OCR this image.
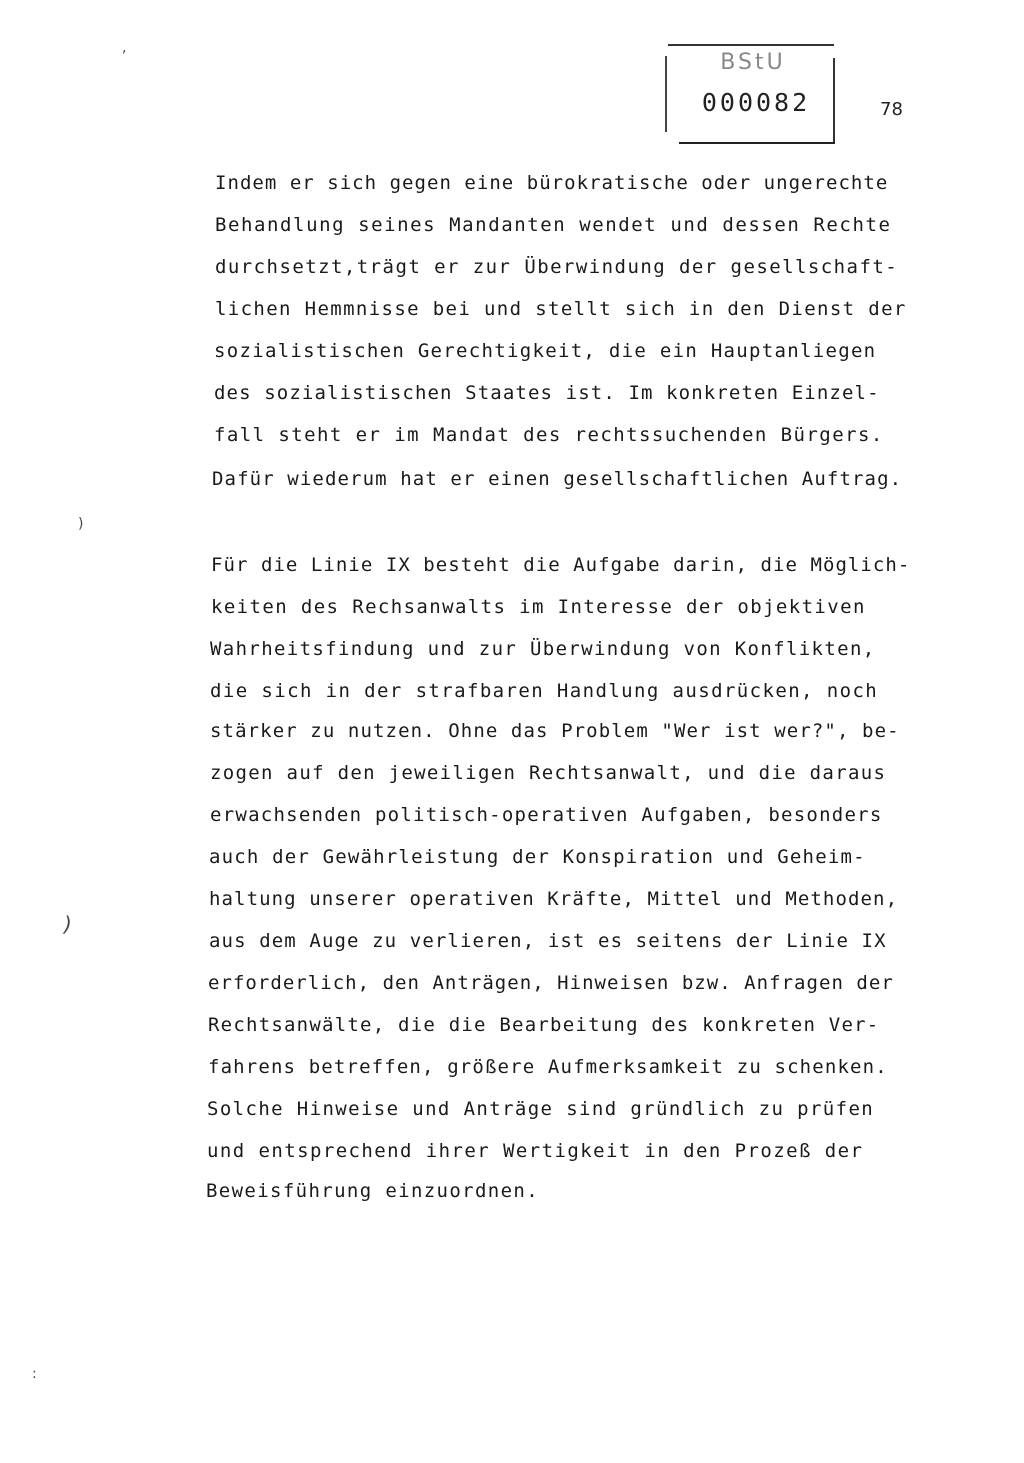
BStU
000082	78
,
)
)
:
Indem er sich gegen eine bürokratische oder ungerechte
Behandlung seines Mandanten wendet und dessen Rechte
durchsetzt,trägt er zur Überwindung der gesellschaft-
lichen Hemmnisse bei und stellt sich in den Dienst der
sozialistischen Gerechtigkeit, die ein Hauptanliegen
des sozialistischen Staates ist. Im konkreten Einzel-
fall steht er im Mandat des rechtssuchenden Bürgers.
Dafür wiederum hat er einen gesellschaftlichen Auftrag.
Für die Linie IX besteht die Aufgabe darin, die Möglich-
keiten des Rechsanwalts im Interesse der objektiven
Wahrheitsfindung und zur Überwindung von Konflikten,
die sich in der strafbaren Handlung ausdrücken, noch
stärker zu nutzen. Ohne das Problem "Wer ist wer?", be-
zogen auf den jeweiligen Rechtsanwalt, und die daraus
erwachsenden politisch-operativen Aufgaben, besonders
auch der Gewährleistung der Konspiration und Geheim-
haltung unserer operativen Kräfte, Mittel und Methoden,
aus dem Auge zu verlieren, ist es seitens der Linie IX
erforderlich, den Anträgen, Hinweisen bzw. Anfragen der
Rechtsanwälte, die die Bearbeitung des konkreten Ver-
fahrens betreffen, größere Aufmerksamkeit zu schenken.
Solche Hinweise und Anträge sind gründlich zu prüfen
und entsprechend ihrer Wertigkeit in den Prozeß der
Beweisführung einzuordnen.
